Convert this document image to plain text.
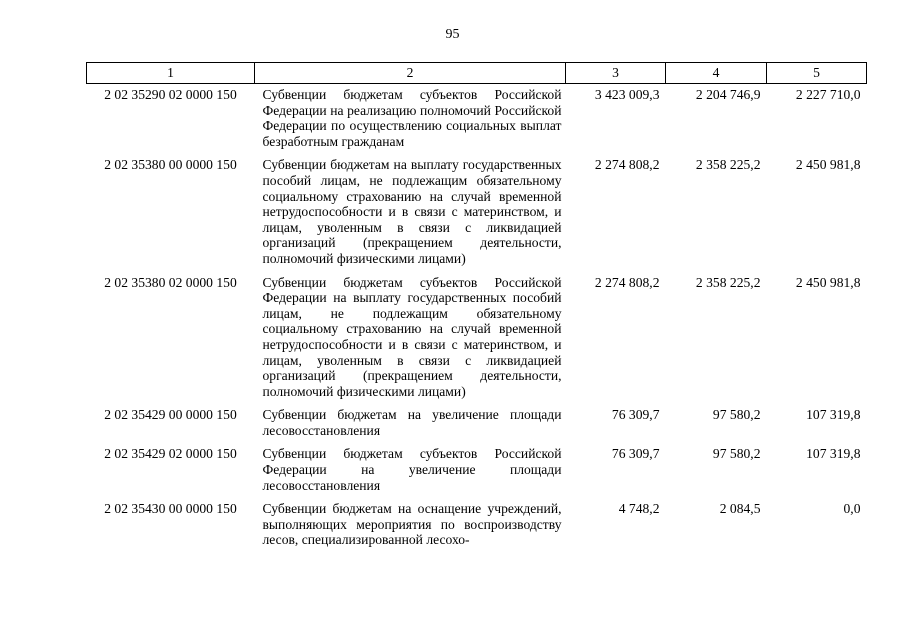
95
1	2	3	4	5
2 02 35290 02 0000 150	Субвенции бюджетам субъектов Российской Федерации на реализацию полномочий Российской Федерации по осуществлению социальных выплат безработным гражданам	3 423 009,3	2 204 746,9	2 227 710,0
2 02 35380 00 0000 150	Субвенции бюджетам на выплату государственных пособий лицам, не подлежащим обязательному социальному страхованию на случай временной нетрудоспособности и в связи с материнством, и лицам, уволенным в связи с ликвидацией организаций (прекращением деятельности, полномочий физическими лицами)	2 274 808,2	2 358 225,2	2 450 981,8
2 02 35380 02 0000 150	Субвенции бюджетам субъектов Российской Федерации на выплату государственных пособий лицам, не подлежащим обязательному социальному страхованию на случай временной нетрудоспособности и в связи с материнством, и лицам, уволенным в связи с ликвидацией организаций (прекращением деятельности, полномочий физическими лицами)	2 274 808,2	2 358 225,2	2 450 981,8
2 02 35429 00 0000 150	Субвенции бюджетам на увеличение площади лесовосстановления	76 309,7	97 580,2	107 319,8
2 02 35429 02 0000 150	Субвенции бюджетам субъектов Российской Федерации на увеличение площади лесовосстановления	76 309,7	97 580,2	107 319,8
2 02 35430 00 0000 150	Субвенции бюджетам на оснащение учреждений, выполняющих мероприятия по воспроизводству лесов, специализированной лесохо-	4 748,2	2 084,5	0,0
